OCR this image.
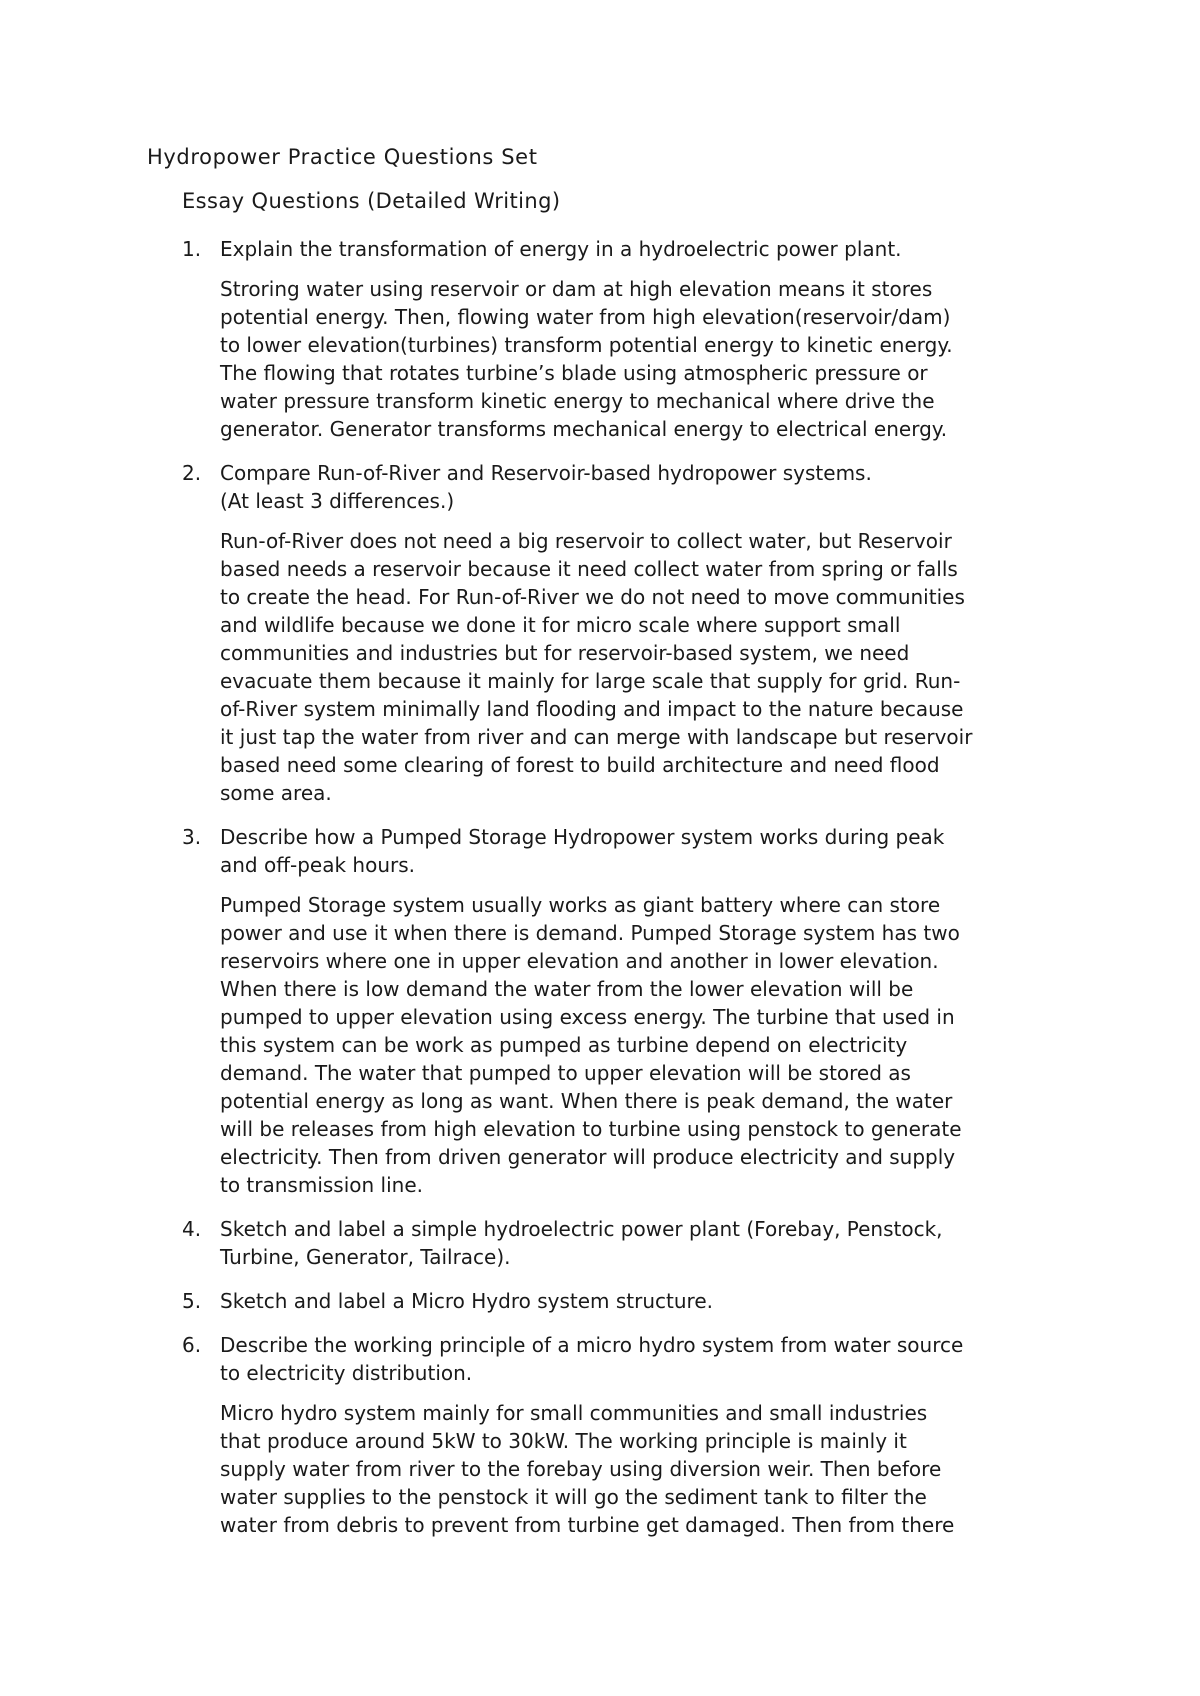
Hydropower Practice Questions Set
Essay Questions (Detailed Writing)
1. Explain the transformation of energy in a hydroelectric power plant.

Stroring water using reservoir or dam at high elevation means it stores
potential energy. Then, flowing water from high elevation(reservoir/dam)
to lower elevation(turbines) transform potential energy to kinetic energy.
The flowing that rotates turbine’s blade using atmospheric pressure or
water pressure transform kinetic energy to mechanical where drive the
generator. Generator transforms mechanical energy to electrical energy.

2. Compare Run-of-River and Reservoir-based hydropower systems.
(At least 3 differences.)

Run-of-River does not need a big reservoir to collect water, but Reservoir
based needs a reservoir because it need collect water from spring or falls
to create the head. For Run-of-River we do not need to move communities
and wildlife because we done it for micro scale where support small
communities and industries but for reservoir-based system, we need
evacuate them because it mainly for large scale that supply for grid. Run-
of-River system minimally land flooding and impact to the nature because
it just tap the water from river and can merge with landscape but reservoir
based need some clearing of forest to build architecture and need flood
some area.

3. Describe how a Pumped Storage Hydropower system works during peak
and off-peak hours.

Pumped Storage system usually works as giant battery where can store
power and use it when there is demand. Pumped Storage system has two
reservoirs where one in upper elevation and another in lower elevation.
When there is low demand the water from the lower elevation will be
pumped to upper elevation using excess energy. The turbine that used in
this system can be work as pumped as turbine depend on electricity
demand. The water that pumped to upper elevation will be stored as
potential energy as long as want. When there is peak demand, the water
will be releases from high elevation to turbine using penstock to generate
electricity. Then from driven generator will produce electricity and supply
to transmission line.

4. Sketch and label a simple hydroelectric power plant (Forebay, Penstock,
Turbine, Generator, Tailrace).

5. Sketch and label a Micro Hydro system structure.

6. Describe the working principle of a micro hydro system from water source
to electricity distribution.

Micro hydro system mainly for small communities and small industries
that produce around 5kW to 30kW. The working principle is mainly it
supply water from river to the forebay using diversion weir. Then before
water supplies to the penstock it will go the sediment tank to filter the
water from debris to prevent from turbine get damaged. Then from there
